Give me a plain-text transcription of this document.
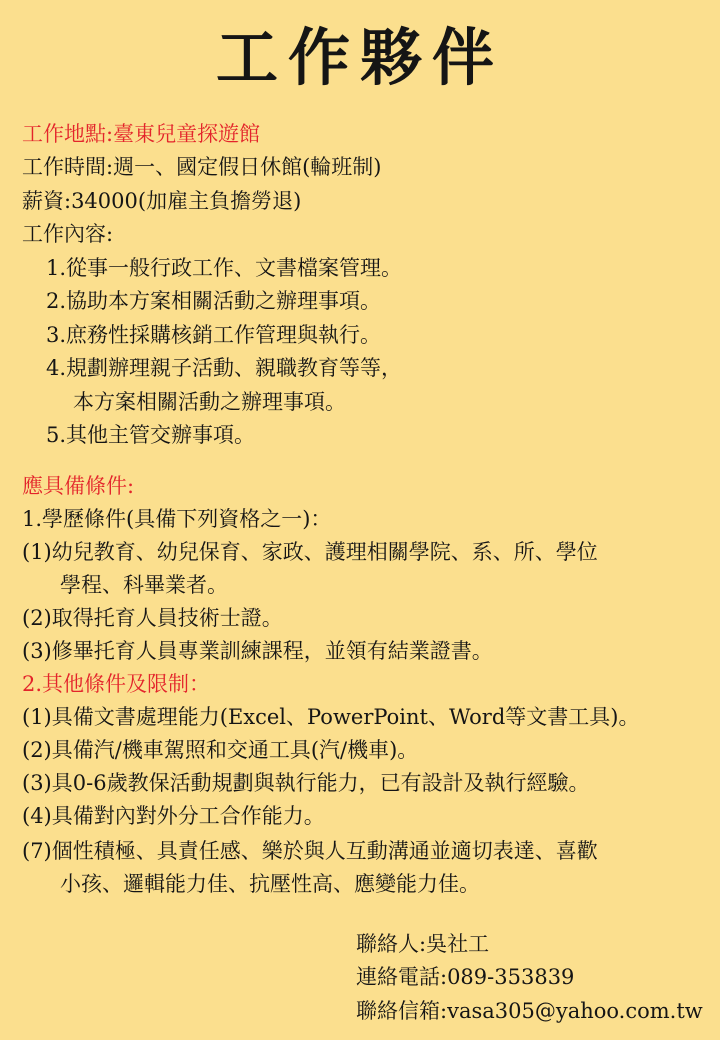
工作夥伴
工作地點:臺東兒童探遊館
工作時間:週一、國定假日休館(輪班制)
薪資:34000(加雇主負擔勞退)
工作內容:
1.從事一般行政工作、文書檔案管理。
2.協助本方案相關活動之辦理事項。
3.庶務性採購核銷工作管理與執行。
4.規劃辦理親子活動、親職教育等等，
本方案相關活動之辦理事項。
5.其他主管交辦事項。
應具備條件:
1.學歷條件(具備下列資格之一)：
(1)幼兒教育、幼兒保育、家政、護理相關學院、系、所、學位
學程、科畢業者。
(2)取得托育人員技術士證。
(3)修畢托育人員專業訓練課程，並領有結業證書。
2.其他條件及限制：
(1)具備文書處理能力(Excel、PowerPoint、Word等文書工具)。
(2)具備汽/機車駕照和交通工具(汽/機車)。
(3)具0-6歲教保活動規劃與執行能力，已有設計及執行經驗。
(4)具備對內對外分工合作能力。
(7)個性積極、具責任感、樂於與人互動溝通並適切表達、喜歡
小孩、邏輯能力佳、抗壓性高、應變能力佳。
聯絡人:吳社工
連絡電話:089-353839
聯絡信箱:vasa305@yahoo.com.tw
